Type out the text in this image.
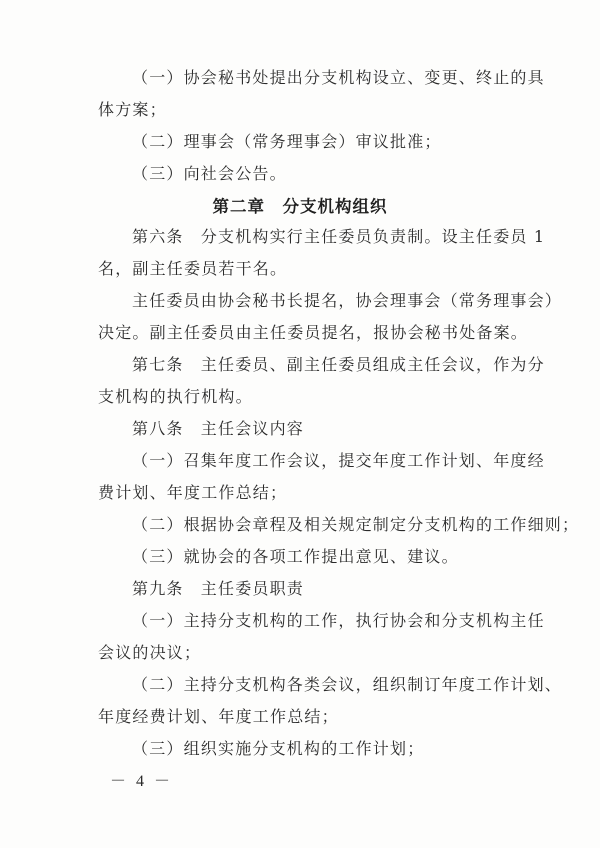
（一）协会秘书处提出分支机构设立、变更、终止的具
体方案；
（二）理事会（常务理事会）审议批准；
（三）向社会公告。
第二章　分支机构组织
第六条　分支机构实行主任委员负责制。设主任委员 1
名，副主任委员若干名。
主任委员由协会秘书长提名，协会理事会（常务理事会）
决定。副主任委员由主任委员提名，报协会秘书处备案。
第七条　主任委员、副主任委员组成主任会议，作为分
支机构的执行机构。
第八条　主任会议内容
（一）召集年度工作会议，提交年度工作计划、年度经
费计划、年度工作总结；
（二）根据协会章程及相关规定制定分支机构的工作细则；
（三）就协会的各项工作提出意见、建议。
第九条　主任委员职责
（一）主持分支机构的工作，执行协会和分支机构主任
会议的决议；
（二）主持分支机构各类会议，组织制订年度工作计划、
年度经费计划、年度工作总结；
（三）组织实施分支机构的工作计划；
－ 4 －
